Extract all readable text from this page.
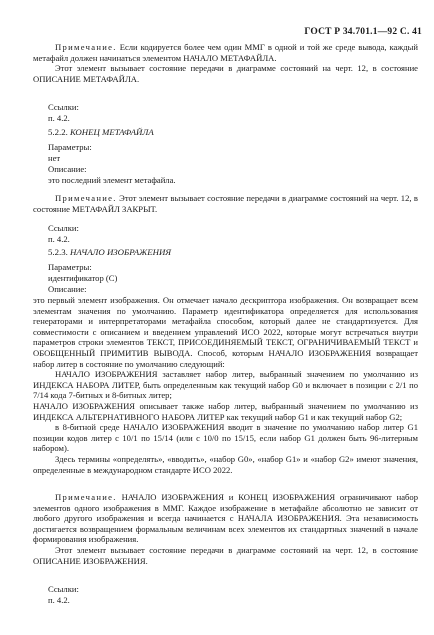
ГОСТ Р 34.701.1—92 С. 41

Примечание. Если кодируется более чем один ММГ в одной и той же среде вывода, каждый метафайл должен начинаться элементом НАЧАЛО МЕТАФАЙЛА.

Этот элемент вызывает состояние передачи в диаграмме состояний на черт. 12, в состояние ОПИСАНИЕ МЕТАФАЙЛА.

Ссылки:
п. 4.2.
5.2.2. КОНЕЦ МЕТАФАЙЛА
Параметры:
нет
Описание:
это последний элемент метафайла.

Примечание. Этот элемент вызывает состояние передачи в диаграмме состояний на черт. 12, в состояние МЕТАФАЙЛ ЗАКРЫТ.

Ссылки:
п. 4.2.
5.2.3. НАЧАЛО ИЗОБРАЖЕНИЯ
Параметры:
идентификатор (С)
Описание:

это первый элемент изображения. Он отмечает начало дескриптора изображения. Он возвращает всем элементам значения по умолчанию. Параметр идентификатора определяется для использования генераторами и интерпретаторами метафайла способом, который далее не стандартизуется. Для совместимости с описанием и введением управлений ИСО 2022, которые могут встречаться внутри параметров строки элементов ТЕКСТ, ПРИСОЕДИНЯЕМЫЙ ТЕКСТ, ОГРАНИЧИВАЕМЫЙ ТЕКСТ и ОБОБЩЕННЫЙ ПРИМИТИВ ВЫВОДА. Способ, которым НАЧАЛО ИЗОБРАЖЕНИЯ возвращает набор литер в состояние по умолчанию следующий:

НАЧАЛО ИЗОБРАЖЕНИЯ заставляет набор литер, выбранный значением по умолчанию из ИНДЕКСА НАБОРА ЛИТЕР, быть определенным как текущий набор G0 и включает в позиции с 2/1 по 7/14 кода 7-битных и 8-битных литер;

НАЧАЛО ИЗОБРАЖЕНИЯ описывает также набор литер, выбранный значением по умолчанию из ИНДЕКСА АЛЬТЕРНАТИВНОГО НАБОРА ЛИТЕР как текущий набор G1 и как текущий набор G2;

в 8-битной среде НАЧАЛО ИЗОБРАЖЕНИЯ вводит в значение по умолчанию набор литер G1 позиции кодов литер с 10/1 по 15/14 (или с 10/0 по 15/15, если набор G1 должен быть 96-литерным набором).

Здесь термины «определять», «вводить», «набор G0», «набор G1» и «набор G2» имеют значения, определенные в международном стандарте ИСО 2022.

Примечание. НАЧАЛО ИЗОБРАЖЕНИЯ и КОНЕЦ ИЗОБРАЖЕНИЯ ограничивают набор элементов одного изображения в ММГ. Каждое изображение в метафайле абсолютно не зависит от любого другого изображения и всегда начинается с НАЧАЛА ИЗОБРАЖЕНИЯ. Эта независимость достигается возвращением формальным величинам всех элементов их стандартных значений в начале формирования изображения.

Этот элемент вызывает состояние передачи в диаграмме состояний на черт. 12, в состояние ОПИСАНИЕ ИЗОБРАЖЕНИЯ.

Ссылки:
п. 4.2.
